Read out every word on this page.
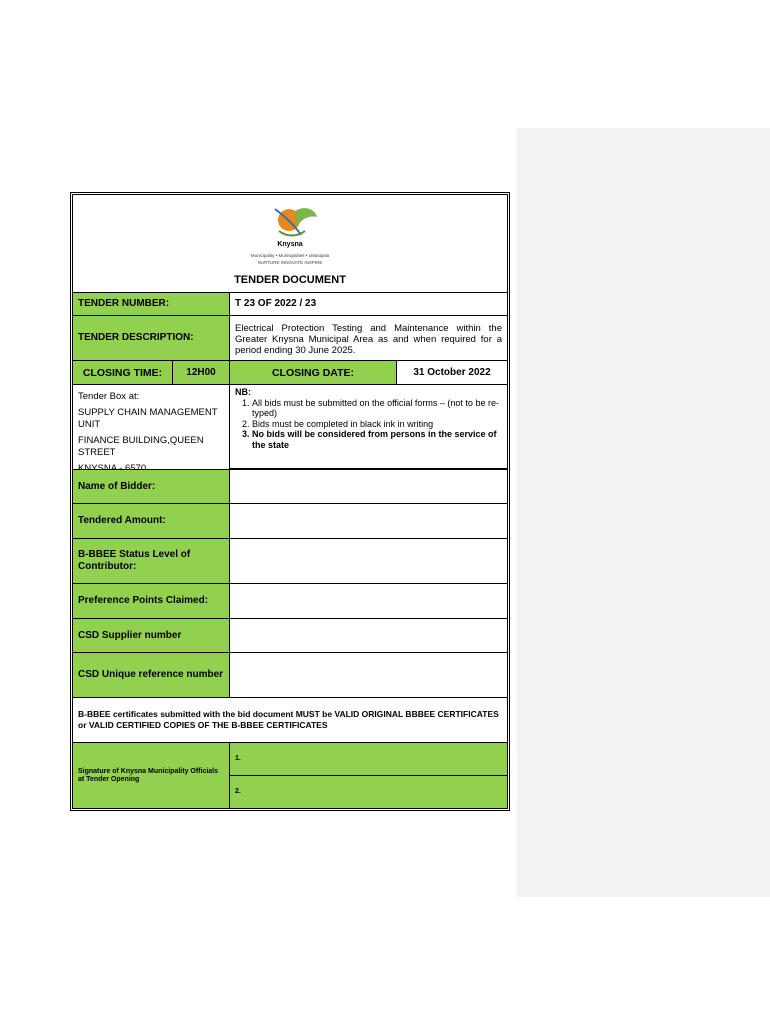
Knysna
Municipality • Munisipaliteit • uMasipala
NURTURE INNOVATE INSPIRE
TENDER DOCUMENT
TENDER NUMBER:	T 23 OF 2022 / 23
TENDER DESCRIPTION:
Electrical Protection Testing and Maintenance within the Greater Knysna Municipal Area as and when required for a period ending 30 June 2025.
CLOSING TIME:	12H00	CLOSING DATE:	31 October 2022

Tender Box at:

SUPPLY CHAIN MANAGEMENT UNIT

FINANCE BUILDING,QUEEN STREET

NB:
1. All bids must be submitted on the official forms – (not to be re-typed)
2. Bids must be completed in black ink in writing
3. No bids will be considered from persons in the service of the state
Name of Bidder:
Tendered Amount:
B-BBEE Status Level of Contributor:
Preference Points Claimed:
CSD Supplier number
CSD Unique reference number
B-BBEE certificates submitted with the bid document MUST be VALID ORIGINAL BBBEE CERTIFICATES or VALID CERTIFIED COPIES OF THE B-BBEE CERTIFICATES
Signature of Knysna Municipality Officials at Tender Opening
1.
2.
